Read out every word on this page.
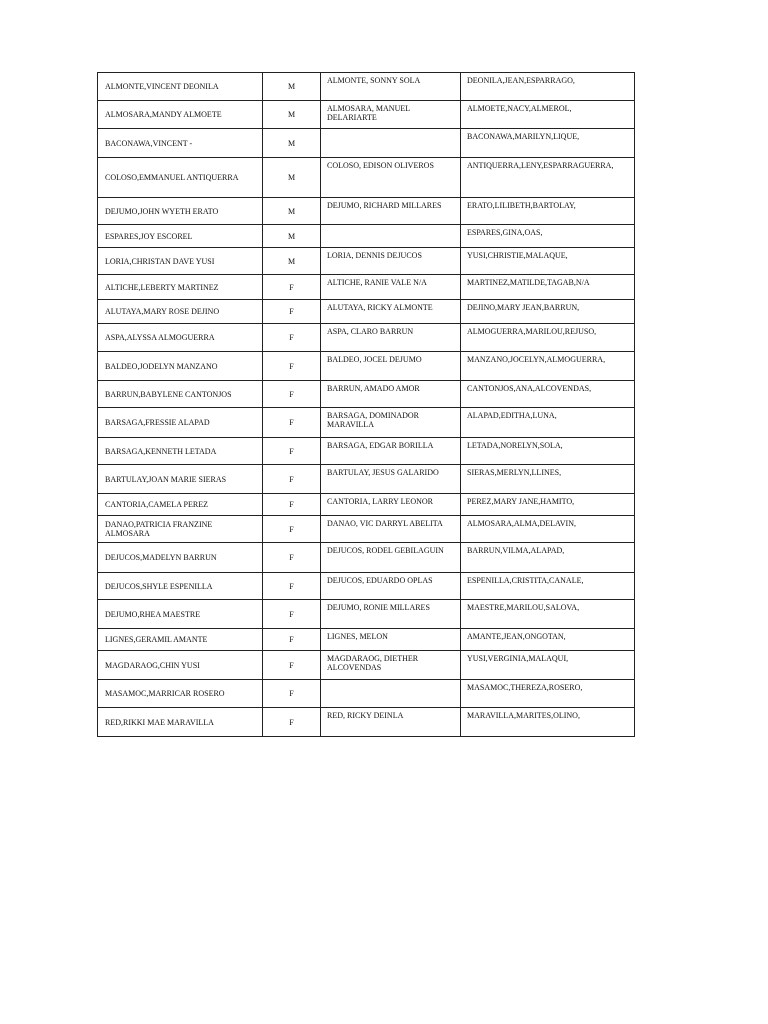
ALMONTE,VINCENT DEONILA	M	ALMONTE, SONNY SOLA	DEONILA,JEAN,ESPARRAGO,
ALMOSARA,MANDY ALMOETE	M	ALMOSARA, MANUEL DELARIARTE	ALMOETE,NACY,ALMEROL,
BACONAWA,VINCENT -	M		BACONAWA,MARILYN,LIQUE,
COLOSO,EMMANUEL ANTIQUERRA	M	COLOSO, EDISON OLIVEROS	ANTIQUERRA,LENY,ESPARRAGUERRA,
DEJUMO,JOHN WYETH ERATO	M	DEJUMO, RICHARD MILLARES	ERATO,LILIBETH,BARTOLAY,
ESPARES,JOY ESCOREL	M		ESPARES,GINA,OAS,
LORIA,CHRISTAN DAVE YUSI	M	LORIA, DENNIS DEJUCOS	YUSI,CHRISTIE,MALAQUE,
ALTICHE,LEBERTY MARTINEZ	F	ALTICHE, RANIE VALE N/A	MARTINEZ,MATILDE,TAGAB,N/A
ALUTAYA,MARY ROSE DEJINO	F	ALUTAYA, RICKY ALMONTE	DEJINO,MARY JEAN,BARRUN,
ASPA,ALYSSA ALMOGUERRA	F	ASPA, CLARO BARRUN	ALMOGUERRA,MARILOU,REJUSO,
BALDEO,JODELYN MANZANO	F	BALDEO, JOCEL DEJUMO	MANZANO,JOCELYN,ALMOGUERRA,
BARRUN,BABYLENE CANTONJOS	F	BARRUN, AMADO AMOR	CANTONJOS,ANA,ALCOVENDAS,
BARSAGA,FRESSIE ALAPAD	F	BARSAGA, DOMINADOR MARAVILLA	ALAPAD,EDITHA,LUNA,
BARSAGA,KENNETH LETADA	F	BARSAGA, EDGAR BORILLA	LETADA,NORELYN,SOLA,
BARTULAY,JOAN MARIE SIERAS	F	BARTULAY, JESUS GALARIDO	SIERAS,MERLYN,LLINES,
CANTORIA,CAMELA PEREZ	F	CANTORIA, LARRY LEONOR	PEREZ,MARY JANE,HAMITO,
DANAO,PATRICIA FRANZINE ALMOSARA	F	DANAO, VIC DARRYL ABELITA	ALMOSARA,ALMA,DELAVIN,
DEJUCOS,MADELYN BARRUN	F	DEJUCOS, RODEL GEBILAGUIN	BARRUN,VILMA,ALAPAD,
DEJUCOS,SHYLE ESPENILLA	F	DEJUCOS, EDUARDO OPLAS	ESPENILLA,CRISTITA,CANALE,
DEJUMO,RHEA MAESTRE	F	DEJUMO, RONIE MILLARES	MAESTRE,MARILOU,SALOVA,
LIGNES,GERAMIL AMANTE	F	LIGNES, MELON	AMANTE,JEAN,ONGOTAN,
MAGDARAOG,CHIN YUSI	F	MAGDARAOG, DIETHER ALCOVENDAS	YUSI,VERGINIA,MALAQUI,
MASAMOC,MARRICAR ROSERO	F		MASAMOC,THEREZA,ROSERO,
RED,RIKKI MAE MARAVILLA	F	RED, RICKY DEINLA	MARAVILLA,MARITES,OLINO,
